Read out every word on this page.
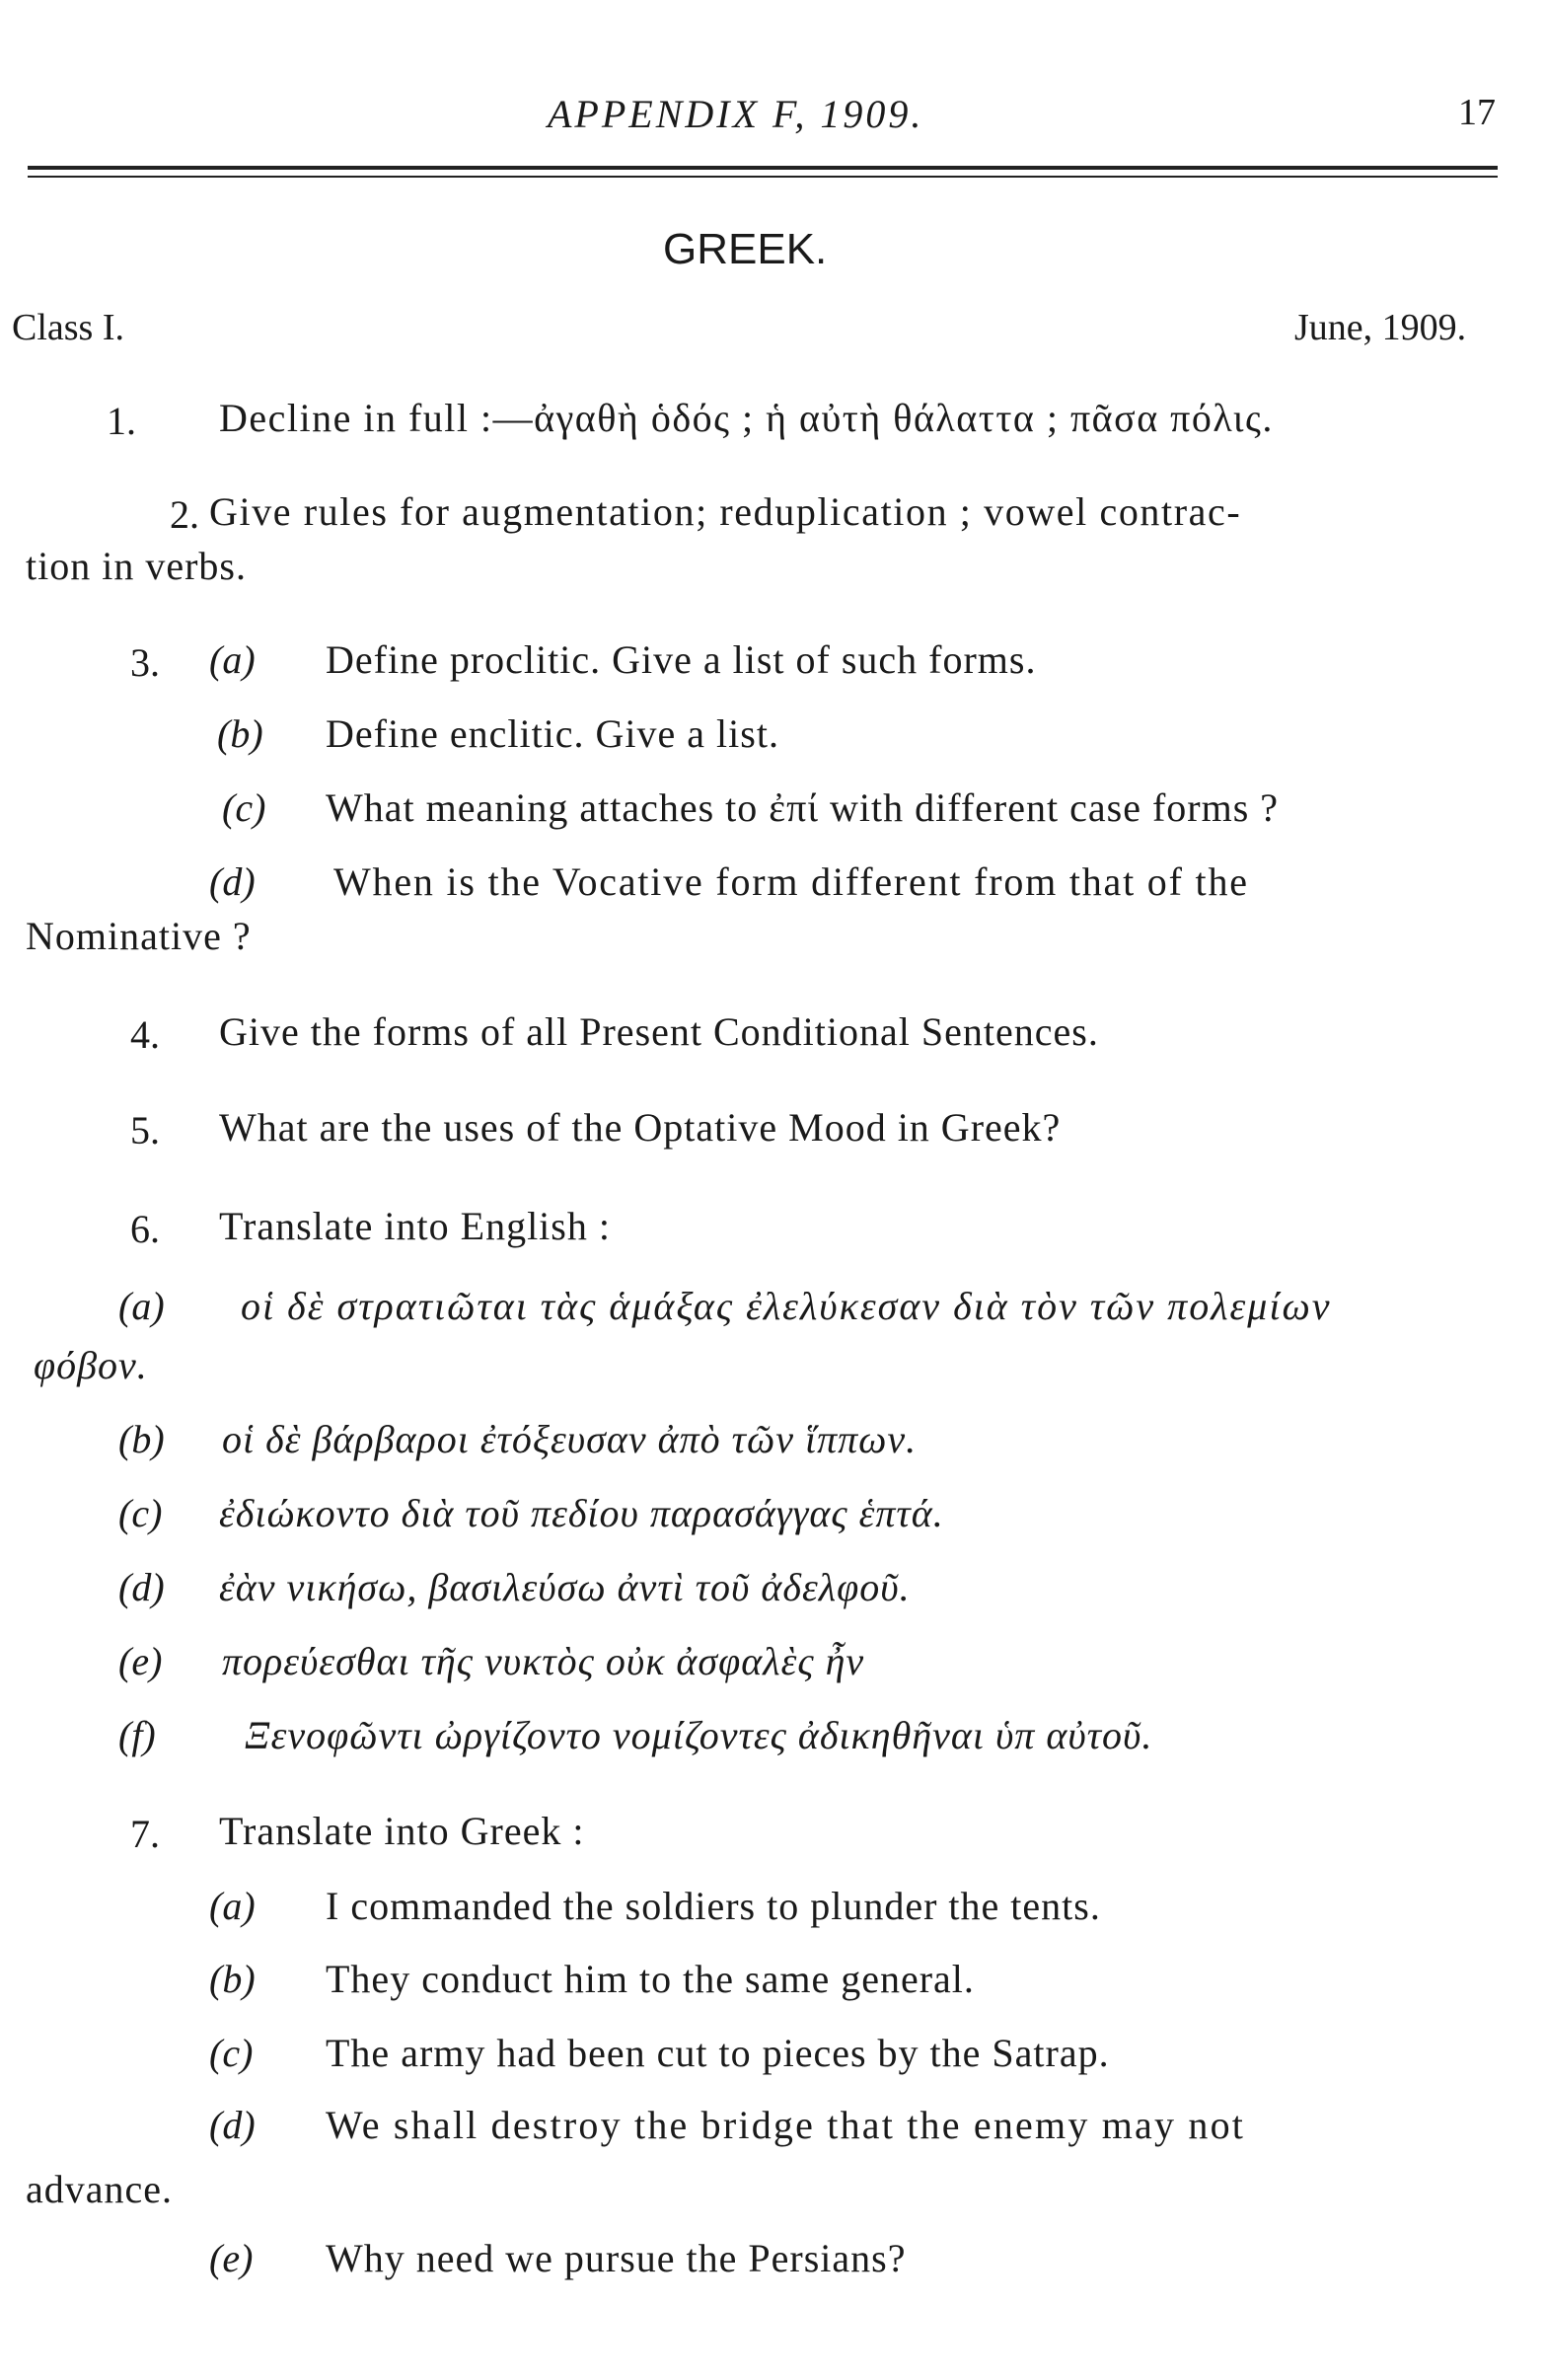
APPENDIX F, 1909.	17
GREEK.
Class I.	June, 1909.
1. Decline in full :—ἀγαθὴ ὁδός ; ἡ αὐτὴ θάλαττα ; πᾶσα πόλις.
2. Give rules for augmentation; reduplication ; vowel contrac-
tion in verbs.
3. (a) Define proclitic. Give a list of such forms.
(b) Define enclitic. Give a list.
(c) What meaning attaches to ἐπί with different case forms ?
(d) When is the Vocative form different from that of the
Nominative ?
4. Give the forms of all Present Conditional Sentences.
5. What are the uses of the Optative Mood in Greek?
6. Translate into English :
(a) οἱ δὲ στρατιῶται τὰς ἁμάξας ἐλελύκεσαν διὰ τὸν τῶν πολεμίων
φόβον.
(b) οἱ δὲ βάρβαροι ἐτόξευσαν ἀπὸ τῶν ἵππων.
(c) ἐδιώκοντο διὰ τοῦ πεδίου παρασάγγας ἑπτά.
(d) ἐὰν νικήσω, βασιλεύσω ἀντὶ τοῦ ἀδελφοῦ.
(e) πορεύεσθαι τῆς νυκτὸς οὐκ ἀσφαλὲς ἦν
(f) Ξενοφῶντι ὠργίζοντο νομίζοντες ἀδικηθῆναι ὑπ αὐτοῦ.
7. Translate into Greek :
(a) I commanded the soldiers to plunder the tents.
(b) They conduct him to the same general.
(c) The army had been cut to pieces by the Satrap.
(d) We shall destroy the bridge that the enemy may not
advance.
(e) Why need we pursue the Persians?
